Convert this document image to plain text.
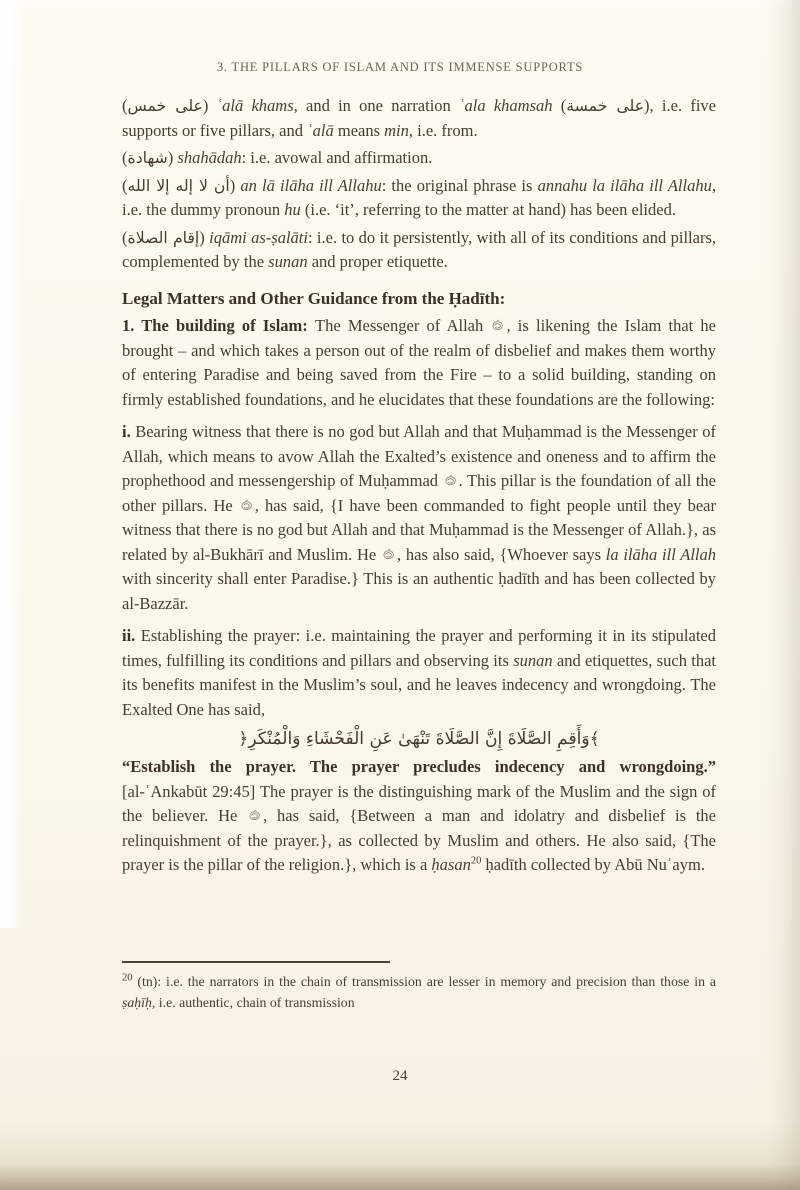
3. THE PILLARS OF ISLAM AND ITS IMMENSE SUPPORTS
(على خمس) ʿalā khams, and in one narration ʿala khamsah (على خمسة), i.e. five supports or five pillars, and ʿalā means min, i.e. from.
(شهادة) shahādah: i.e. avowal and affirmation.
(أن لا إله إلا الله) an lā ilāha ill Allahu: the original phrase is annahu la ilāha ill Allahu, i.e. the dummy pronoun hu (i.e. ‘it’, referring to the matter at hand) has been elided.
(إقام الصلاة) iqāmi as-ṣalāti: i.e. to do it persistently, with all of its conditions and pillars, complemented by the sunan and proper etiquette.
Legal Matters and Other Guidance from the Ḥadīth:
1. The building of Islam: The Messenger of Allah
, is likening the Islam that he brought – and which takes a person out of the realm of disbelief and makes them worthy of entering Paradise and being saved from the Fire – to a solid building, standing on firmly established foundations, and he elucidates that these foundations are the following:
i. Bearing witness that there is no god but Allah and that Muḥammad is the Messenger of Allah, which means to avow Allah the Exalted’s existence and oneness and to affirm the prophethood and messengership of Muḥammad
. This pillar is the foundation of all the other pillars. He
, has said, {I have been commanded to fight people until they bear witness that there is no god but Allah and that Muḥammad is the Messenger of Allah.}, as related by al-Bukhārī and Muslim. He
, has also said, {Whoever says la ilāha ill Allah with sincerity shall enter Paradise.} This is an authentic ḥadīth and has been collected by al-Bazzār.
ii. Establishing the prayer: i.e. maintaining the prayer and performing it in its stipulated times, fulfilling its conditions and pillars and observing its sunan and etiquettes, such that its benefits manifest in the Muslim’s soul, and he leaves indecency and wrongdoing. The Exalted One has said,
﴿وَأَقِمِ الصَّلَاةَ إِنَّ الصَّلَاةَ تَنْهَىٰ عَنِ الْفَحْشَاءِ وَالْمُنْكَرِ﴾
“Establish the prayer. The prayer precludes indecency and wrongdoing.”
[al-ʿAnkabūt 29:45] The prayer is the distinguishing mark of the Muslim and the sign of the believer. He
, has said, {Between a man and idolatry and disbelief is the relinquishment of the prayer.}, as collected by Muslim and others. He also said, {The prayer is the pillar of the religion.}, which is a ḥasan$^{20}$ ḥadīth collected by Abū Nuʿaym.
$^{20}$ (tn): i.e. the narrators in the chain of transmission are lesser in memory and precision than those in a ṣaḥīḥ, i.e. authentic, chain of transmission
24
